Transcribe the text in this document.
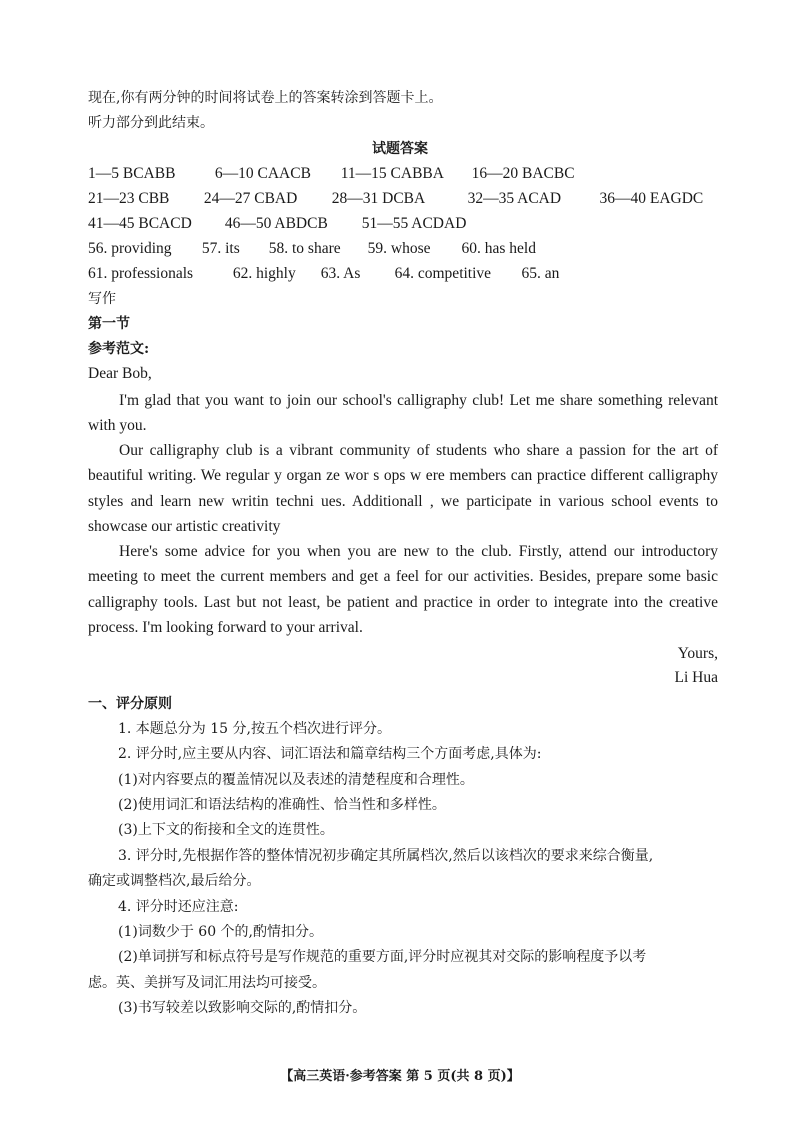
现在,你有两分钟的时间将试卷上的答案转涂到答题卡上。
听力部分到此结束。
试题答案
1—5 BCABB	6—10 CAACB 11—15 CABBA 16—20 BACBC
21—23 CBB 24—27 CBAD 28—31 DCBA	32—35 ACAD 36—40 EAGDC
41—45 BCACD 46—50 ABDCB 51—55 ACDAD
56. providing 57. its 58. to share 59. whose 60. has held
61. professionals	62. highly 63. As 64. competitive 65. an
写作
第一节
参考范文:
Dear Bob,
I'm glad that you want to join our school's calligraphy club! Let me share something relevant with you.
Our calligraphy club is a vibrant community of students who share a passion for the art of beautiful writing. We regular y organ ze wor s ops w ere members can practice different calligraphy styles and learn new writin techni ues. Additionall , we participate in various school events to showcase our artistic creativity
Here's some advice for you when you are new to the club. Firstly, attend our introductory meeting to meet the current members and get a feel for our activities. Besides, prepare some basic calligraphy tools. Last but not least, be patient and practice in order to integrate into the creative process. I'm looking forward to your arrival.
Yours,
Li Hua
一、评分原则
1. 本题总分为 15 分,按五个档次进行评分。
2. 评分时,应主要从内容、词汇语法和篇章结构三个方面考虑,具体为:
(1)对内容要点的覆盖情况以及表述的清楚程度和合理性。
(2)使用词汇和语法结构的准确性、恰当性和多样性。
(3)上下文的衔接和全文的连贯性。
3. 评分时,先根据作答的整体情况初步确定其所属档次,然后以该档次的要求来综合衡量,
确定或调整档次,最后给分。
4. 评分时还应注意:
(1)词数少于 60 个的,酌情扣分。
(2)单词拼写和标点符号是写作规范的重要方面,评分时应视其对交际的影响程度予以考
虑。英、美拼写及词汇用法均可接受。
(3)书写较差以致影响交际的,酌情扣分。
【高三英语·参考答案 第 5 页(共 8 页)】
